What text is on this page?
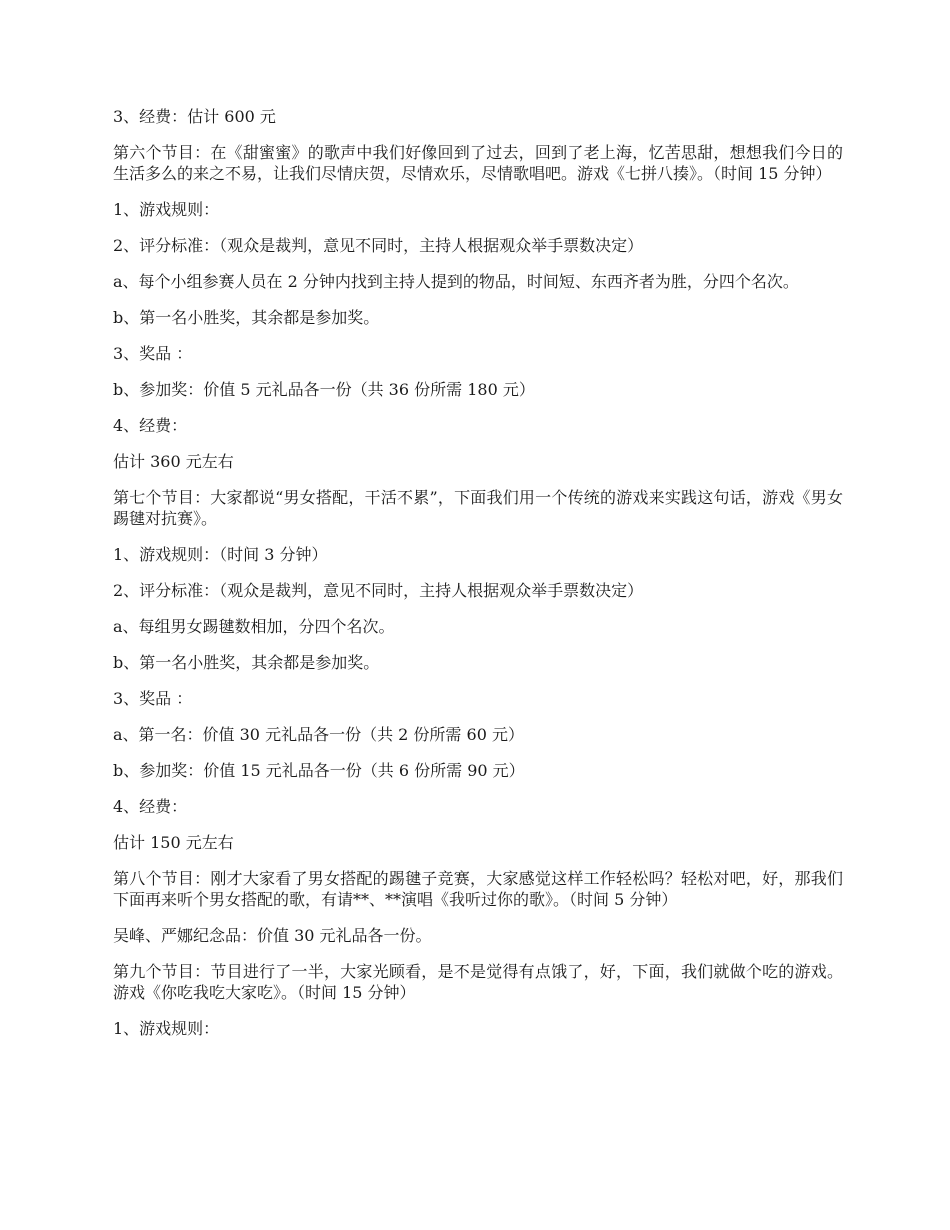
3、经费：估计 600 元

第六个节目：在《甜蜜蜜》的歌声中我们好像回到了过去，回到了老上海，忆苦思甜，想想我们今日的生活多么的来之不易，让我们尽情庆贺，尽情欢乐，尽情歌唱吧。游戏《七拼八揍》。（时间 15 分钟）

1、游戏规则：

2、评分标准：（观众是裁判，意见不同时，主持人根据观众举手票数决定）

a、每个小组参赛人员在 2 分钟内找到主持人提到的物品，时间短、东西齐者为胜，分四个名次。

b、第一名小胜奖，其余都是参加奖。

3、奖品 ：

b、参加奖：价值 5 元礼品各一份（共 36 份所需 180 元）

4、经费：

估计 360 元左右

第七个节目：大家都说“男女搭配，干活不累”，下面我们用一个传统的游戏来实践这句话，游戏《男女踢毽对抗赛》。

1、游戏规则：（时间 3 分钟）

2、评分标准：（观众是裁判，意见不同时，主持人根据观众举手票数决定）

a、每组男女踢毽数相加，分四个名次。

b、第一名小胜奖，其余都是参加奖。

3、奖品 ：

a、第一名：价值 30 元礼品各一份（共 2 份所需 60 元）

b、参加奖：价值 15 元礼品各一份（共 6 份所需 90 元）

4、经费：

估计 150 元左右

第八个节目：刚才大家看了男女搭配的踢毽子竞赛，大家感觉这样工作轻松吗？轻松对吧，好，那我们下面再来听个男女搭配的歌，有请**、**演唱《我听过你的歌》。（时间 5 分钟）

吴峰、严娜纪念品：价值 30 元礼品各一份。

第九个节目：节目进行了一半，大家光顾看，是不是觉得有点饿了，好，下面，我们就做个吃的游戏。游戏《你吃我吃大家吃》。（时间 15 分钟）

1、游戏规则：
